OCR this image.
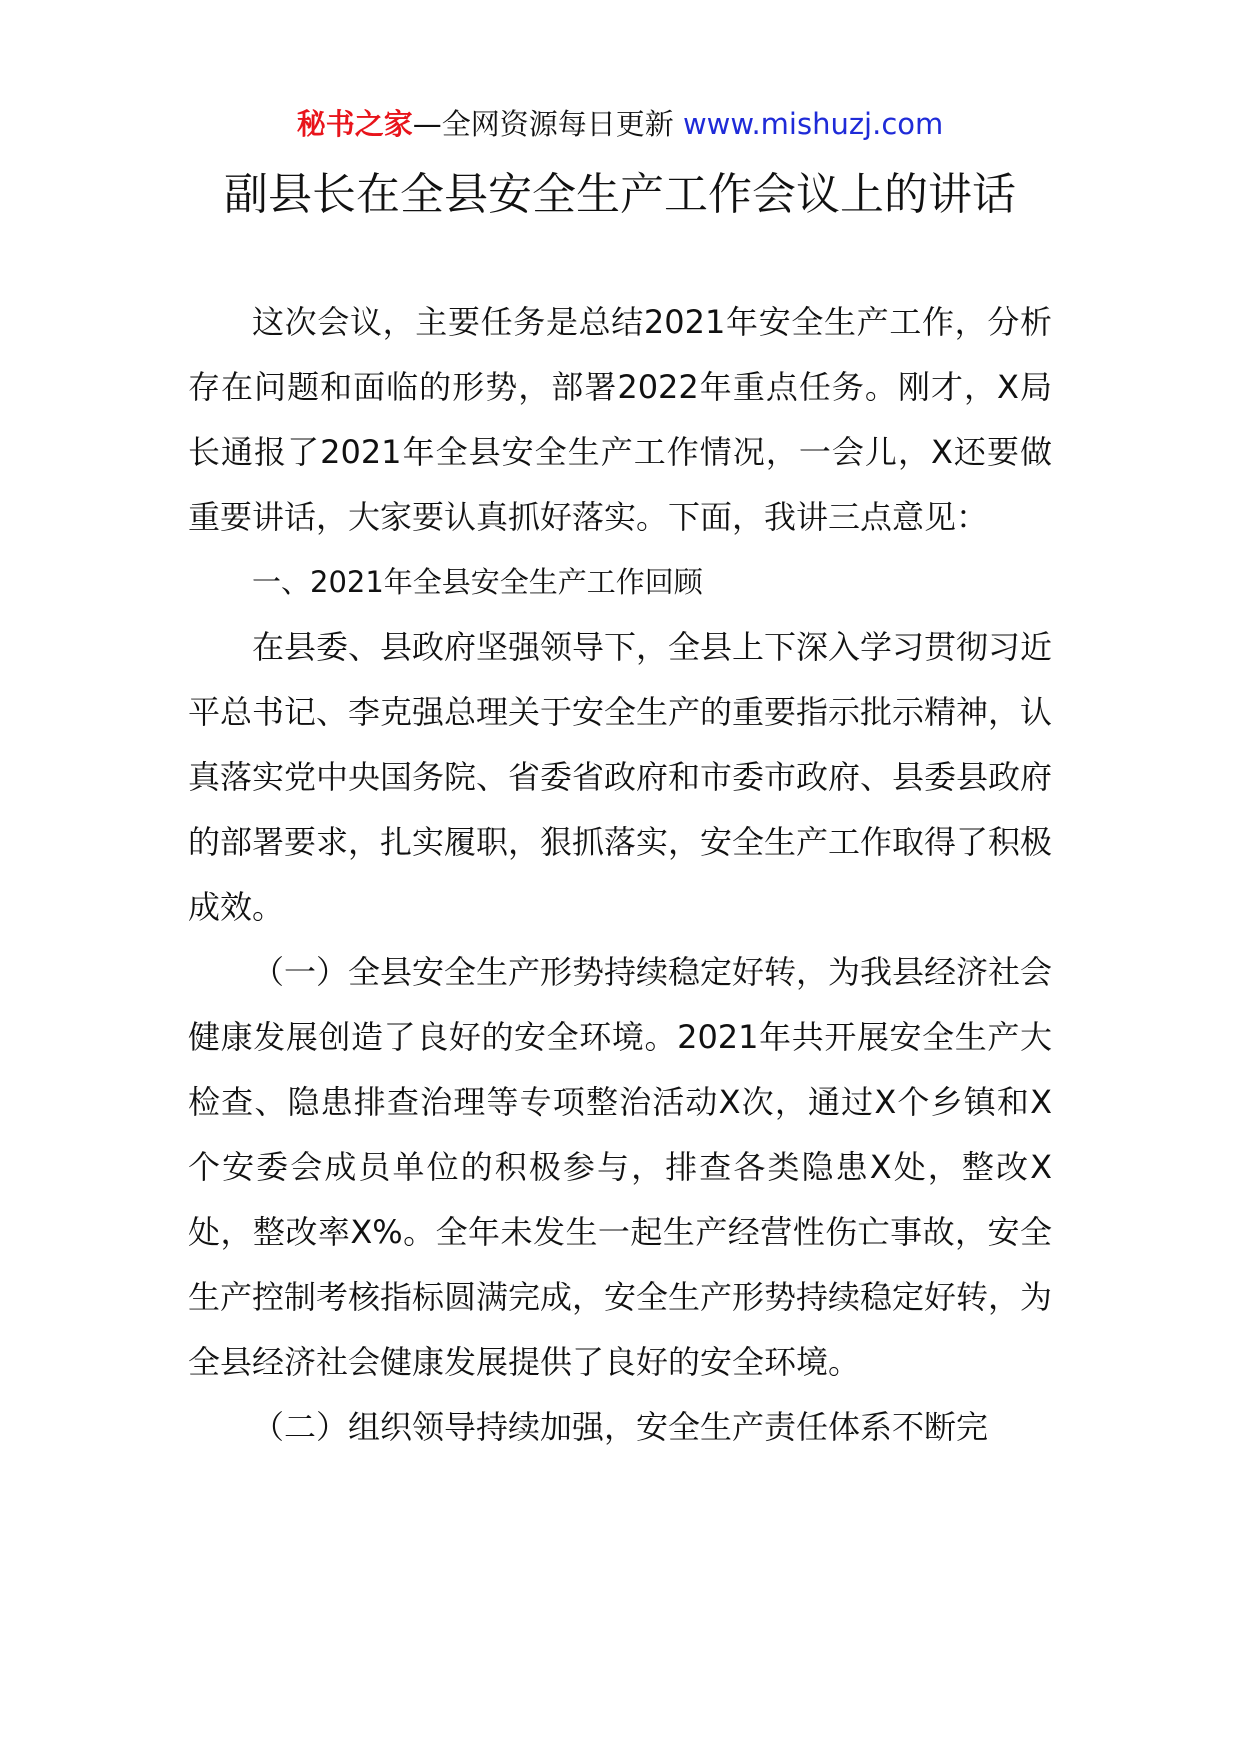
秘书之家—全网资源每日更新 www.mishuzj.com
副县长在全县安全生产工作会议上的讲话

这次会议，主要任务是总结2021年安全生产工作，分析存在问题和面临的形势，部署2022年重点任务。刚才，X局长通报了2021年全县安全生产工作情况，一会儿，X还要做重要讲话，大家要认真抓好落实。下面，我讲三点意见：

一、2021年全县安全生产工作回顾

在县委、县政府坚强领导下，全县上下深入学习贯彻习近平总书记、李克强总理关于安全生产的重要指示批示精神，认真落实党中央国务院、省委省政府和市委市政府、县委县政府的部署要求，扎实履职，狠抓落实，安全生产工作取得了积极成效。

（一）全县安全生产形势持续稳定好转，为我县经济社会健康发展创造了良好的安全环境。2021年共开展安全生产大检查、隐患排查治理等专项整治活动X次，通过X个乡镇和X个安委会成员单位的积极参与，排查各类隐患X处，整改X处，整改率X%。全年未发生一起生产经营性伤亡事故，安全生产控制考核指标圆满完成，安全生产形势持续稳定好转，为全县经济社会健康发展提供了良好的安全环境。

（二）组织领导持续加强，安全生产责任体系不断完
